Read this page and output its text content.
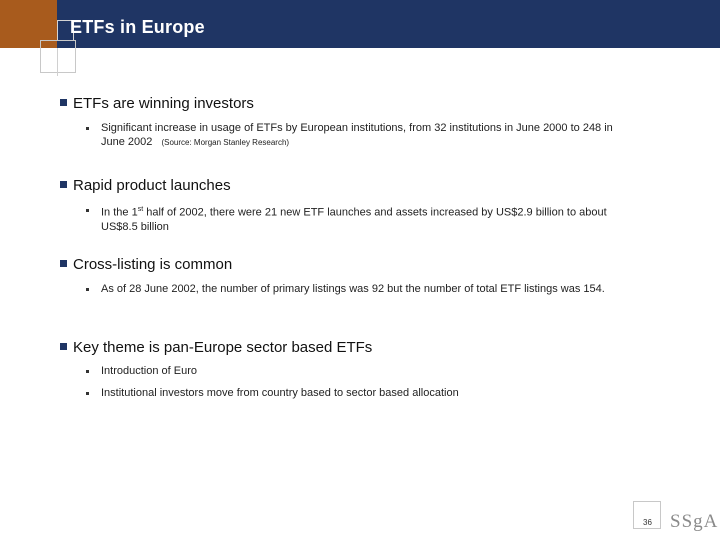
ETFs in Europe
ETFs are winning investors
Significant increase in usage of ETFs by European institutions, from 32 institutions in June 2000 to 248 in June 2002 (Source: Morgan Stanley Research)
Rapid product launches
In the 1st half of 2002, there were 21 new ETF launches and assets increased by US$2.9 billion to about US$8.5 billion
Cross-listing is common
As of 28 June 2002, the number of primary listings was 92 but the number of total ETF listings was 154.
Key theme is pan-Europe sector based ETFs
Introduction of Euro
Institutional investors move from country based to sector based allocation
36 SSgA
